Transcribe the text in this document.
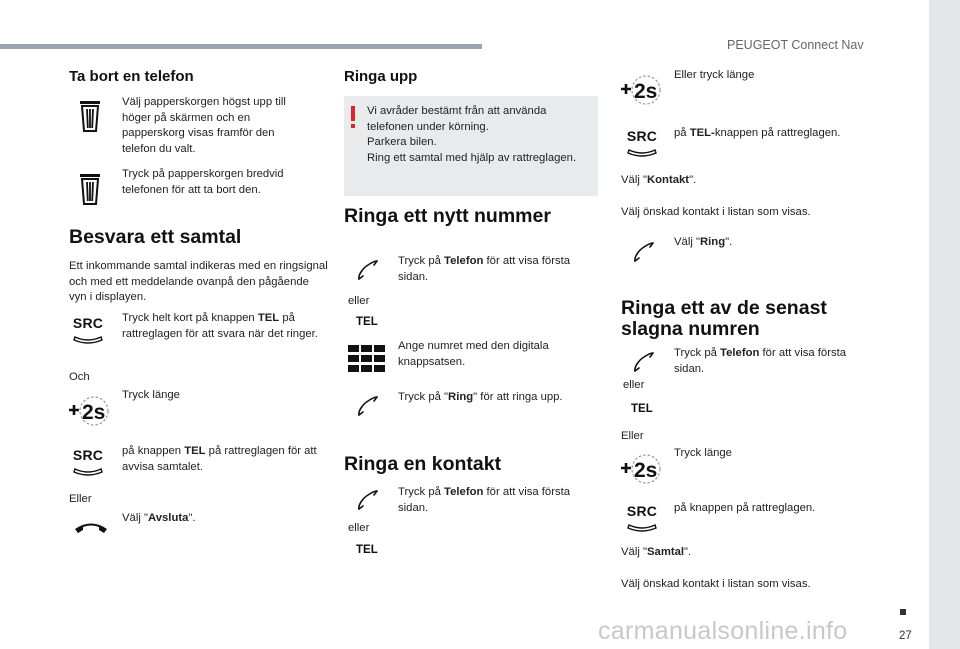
PEUGEOT Connect Nav
27
carmanualsonline.info
Ta bort en telefon
Välj papperskorgen högst upp till höger på skärmen och en papperskorg visas framför den telefon du valt.
Tryck på papperskorgen bredvid telefonen för att ta bort den.
Besvara ett samtal
Ett inkommande samtal indikeras med en ringsignal och med ett meddelande ovanpå den pågående vyn i displayen.
SRC	Tryck helt kort på knappen TEL på rattreglagen för att svara när det ringer.
Och
2s
Tryck länge
SRC	på knappen TEL på rattreglagen för att avvisa samtalet.
Eller
Välj "Avsluta".
Ringa upp
Vi avråder bestämt från att använda telefonen under körning.
Parkera bilen.
Ring ett samtal med hjälp av rattreglagen.
Ringa ett nytt nummer
eller
TEL
Tryck på Telefon för att visa första sidan.
Ange numret med den digitala knappsatsen.
Tryck på "Ring" för att ringa upp.
Ringa en kontakt
eller
TEL
Tryck på Telefon för att visa första sidan.
2s
Eller tryck länge
SRC	på TEL-knappen på rattreglagen.
Välj "Kontakt".
Välj önskad kontakt i listan som visas.
Välj "Ring".
Ringa ett av de senast slagna numren
eller
TEL
Tryck på Telefon för att visa första sidan.
Eller
2s
Tryck länge
SRC	på knappen på rattreglagen.
Välj "Samtal".
Välj önskad kontakt i listan som visas.
